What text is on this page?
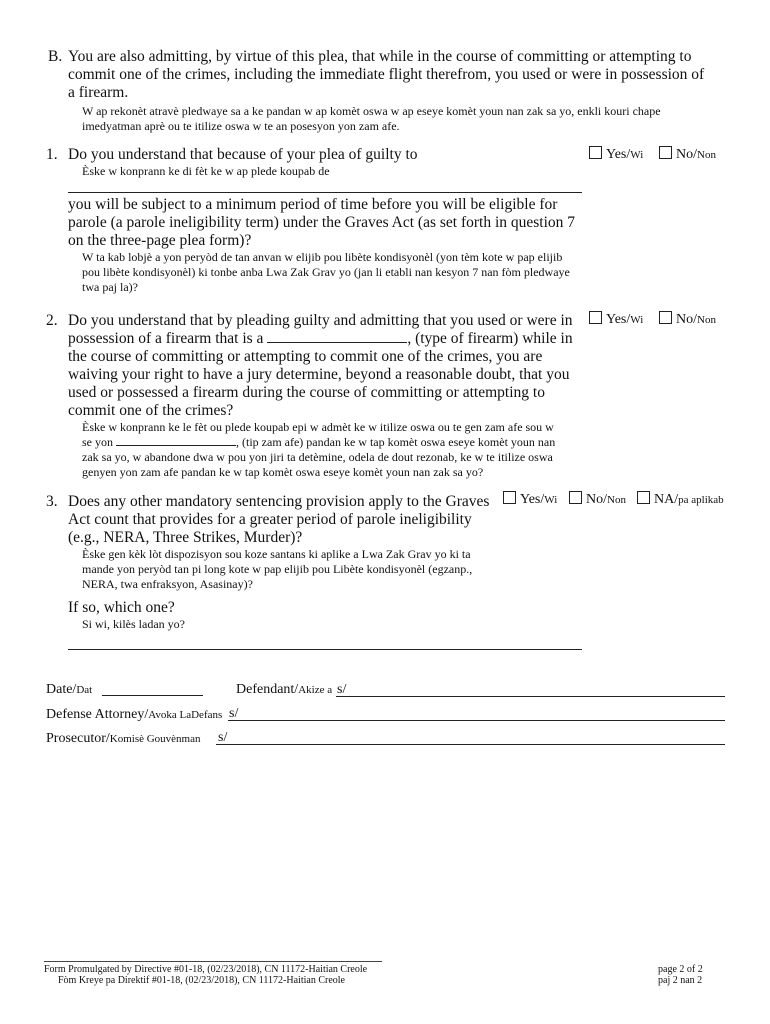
B. You are also admitting, by virtue of this plea, that while in the course of committing or attempting to commit one of the crimes, including the immediate flight therefrom, you used or were in possession of a firearm.

W ap rekonèt atravè pledwaye sa a ke pandan w ap komèt oswa w ap eseye komèt youn nan zak sa yo, enkli kouri chape imedyatman aprè ou te itilize oswa w te an posesyon yon zam afe.

1. Do you understand that because of your plea of guilty to

Èske w konprann ke di fèt ke w ap plede koupab de

you will be subject to a minimum period of time before you will be eligible for parole (a parole ineligibility term) under the Graves Act (as set forth in question 7 on the three-page plea form)?

W ta kab lobjè a yon peryòd de tan anvan w elijib pou libète kondisyonèl (yon tèm kote w pap elijib pou libète kondisyonèl) ki tonbe anba Lwa Zak Grav yo (jan li etabli nan kesyon 7 nan fòm pledwaye twa paj la)?

Yes/Wi	No/Non
2. Do you understand that by pleading guilty and admitting that you used or were in

possession of a firearm that is a	, (type of firearm) while in

the course of committing or attempting to commit one of the crimes, you are waiving your right to have a jury determine, beyond a reasonable doubt, that you used or possessed a firearm during the course of committing or attempting to commit one of the crimes?

Èske w konprann ke le fèt ou plede koupab epi w admèt ke w itilize oswa ou te gen zam afe sou w

se yon	, (tip zam afe) pandan ke w tap komèt oswa eseye komèt youn nan

zak sa yo, w abandone dwa w pou yon jiri ta detèmine, odela de dout rezonab, ke w te itilize oswa genyen yon zam afe pandan ke w tap komèt oswa eseye komèt youn nan zak sa yo?

Yes/Wi	No/Non
3. Does any other mandatory sentencing provision apply to the Graves Act count that provides for a greater period of parole ineligibility (e.g., NERA, Three Strikes, Murder)?

Èske gen kèk lòt dispozisyon sou koze santans ki aplike a Lwa Zak Grav yo ki ta mande yon peryòd tan pi long kote w pap elijib pou Libète kondisyonèl (egzanp., NERA, twa enfraksyon, Asasinay)?

Yes/Wi	No/Non	NA/pa aplikab

If so, which one?

Si wi, kilès ladan yo?

Date/Dat	Defendant/Akize a s/
Defense Attorney/Avoka LaDefans s/
Prosecutor/Komisè Gouvènman s/
Form Promulgated by Directive #01-18, (02/23/2018), CN 11172-Haitian Creole
Fòm Kreye pa Direktif #01-18, (02/23/2018), CN 11172-Haitian Creole
page 2 of 2
paj 2 nan 2
